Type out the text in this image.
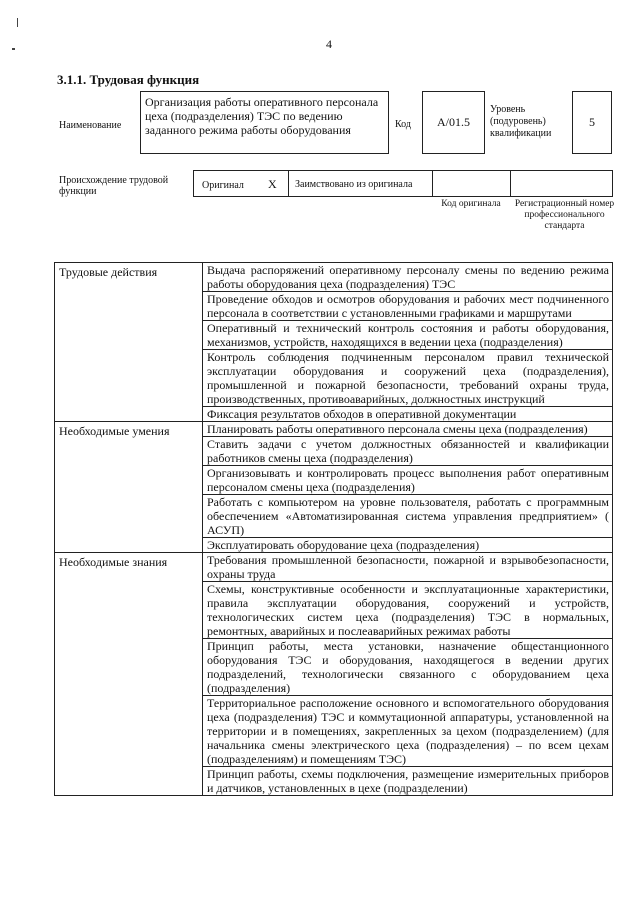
4
3.1.1. Трудовая функция
Наименование
Организация работы оперативного персонала цеха (подразделения) ТЭС по ведению заданного режима работы оборудования	Код A/01.5
Уровень (подуровень) квалификации
5
Происхождение трудовой функции
Оригинал X Заимствовано из оригинала
Код оригинала	Регистрационный номер профессионального стандарта
Трудовые действия	Выдача распоряжений оперативному персоналу смены по ведению режима работы оборудования цеха (подразделения) ТЭС
	Проведение обходов и осмотров оборудования и рабочих мест подчиненного персонала в соответствии с установленными графиками и маршрутами
	Оперативный и технический контроль состояния и работы оборудования, механизмов, устройств, находящихся в ведении цеха (подразделения)
	Контроль соблюдения подчиненным персоналом правил технической эксплуатации оборудования и сооружений цеха (подразделения), промышленной и пожарной безопасности, требований охраны труда, производственных, противоаварийных, должностных инструкций
	Фиксация результатов обходов в оперативной документации
Необходимые умения	Планировать работы оперативного персонала смены цеха (подразделения)
	Ставить задачи с учетом должностных обязанностей и квалификации работников смены цеха (подразделения)
	Организовывать и контролировать процесс выполнения работ оперативным персоналом смены цеха (подразделения)
	Работать с компьютером на уровне пользователя, работать с программным обеспечением «Автоматизированная система управления предприятием» ( АСУП)
	Эксплуатировать оборудование цеха (подразделения)
Необходимые знания	Требования промышленной безопасности, пожарной и взрывобезопасности, охраны труда
	Схемы, конструктивные особенности и эксплуатационные характеристики, правила эксплуатации оборудования, сооружений и устройств, технологических систем цеха (подразделения) ТЭС в нормальных, ремонтных, аварийных и послеаварийных режимах работы
	Принцип работы, места установки, назначение общестанционного оборудования ТЭС и оборудования, находящегося в ведении других подразделений, технологически связанного с оборудованием цеха (подразделения)
	Территориальное расположение основного и вспомогательного оборудования цеха (подразделения) ТЭС и коммутационной аппаратуры, установленной на территории и в помещениях, закрепленных за цехом (подразделением) (для начальника смены электрического цеха (подразделения) – по всем цехам (подразделениям) и помещениям ТЭС)
	Принцип работы, схемы подключения, размещение измерительных приборов и датчиков, установленных в цехе (подразделении)
